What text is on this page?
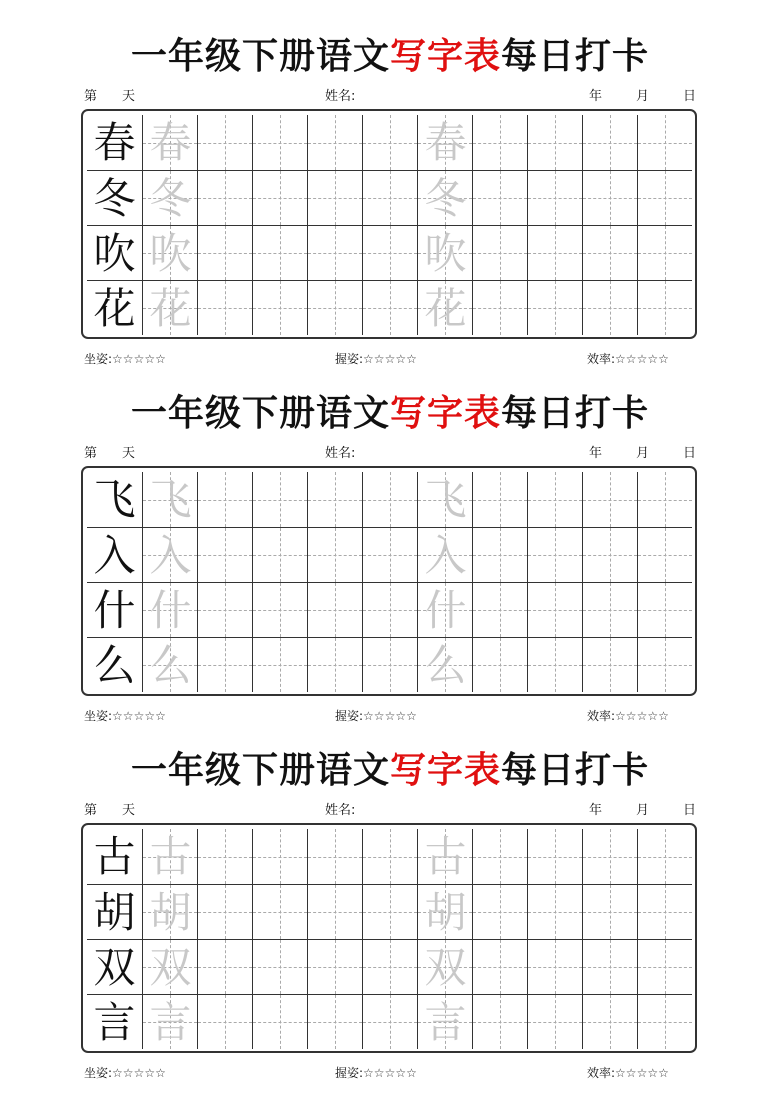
一年级下册语文写字表每日打卡
第 天	姓名:	年	月	日
春 春	春
冬 冬	冬
吹 吹	吹
花 花	花
坐姿:☆☆☆☆☆	握姿:☆☆☆☆☆	效率:☆☆☆☆☆
一年级下册语文写字表每日打卡
第 天	姓名:	年	月	日
飞 飞	飞
入 入	入
什 什	什
么 么	么
坐姿:☆☆☆☆☆	握姿:☆☆☆☆☆	效率:☆☆☆☆☆
一年级下册语文写字表每日打卡
第 天	姓名:	年	月	日
古 古	古
胡 胡	胡
双 双	双
言 言	言
坐姿:☆☆☆☆☆	握姿:☆☆☆☆☆	效率:☆☆☆☆☆
